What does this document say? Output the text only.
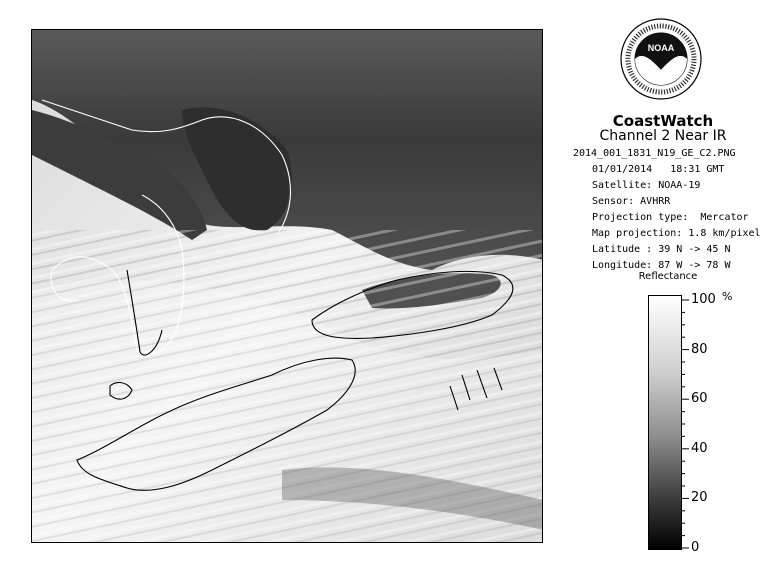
NOAA
CoastWatch
Channel 2 Near IR
2014_001_1831_N19_GE_C2.PNG
01/01/2014   18:31 GMT
Satellite: NOAA-19
Sensor: AVHRR
Projection type:  Mercator
Map projection: 1.8 km/pixel
Latitude : 39 N -> 45 N
Longitude: 87 W -> 78 W
Reflectance
%
100
80
60
40
20
0
